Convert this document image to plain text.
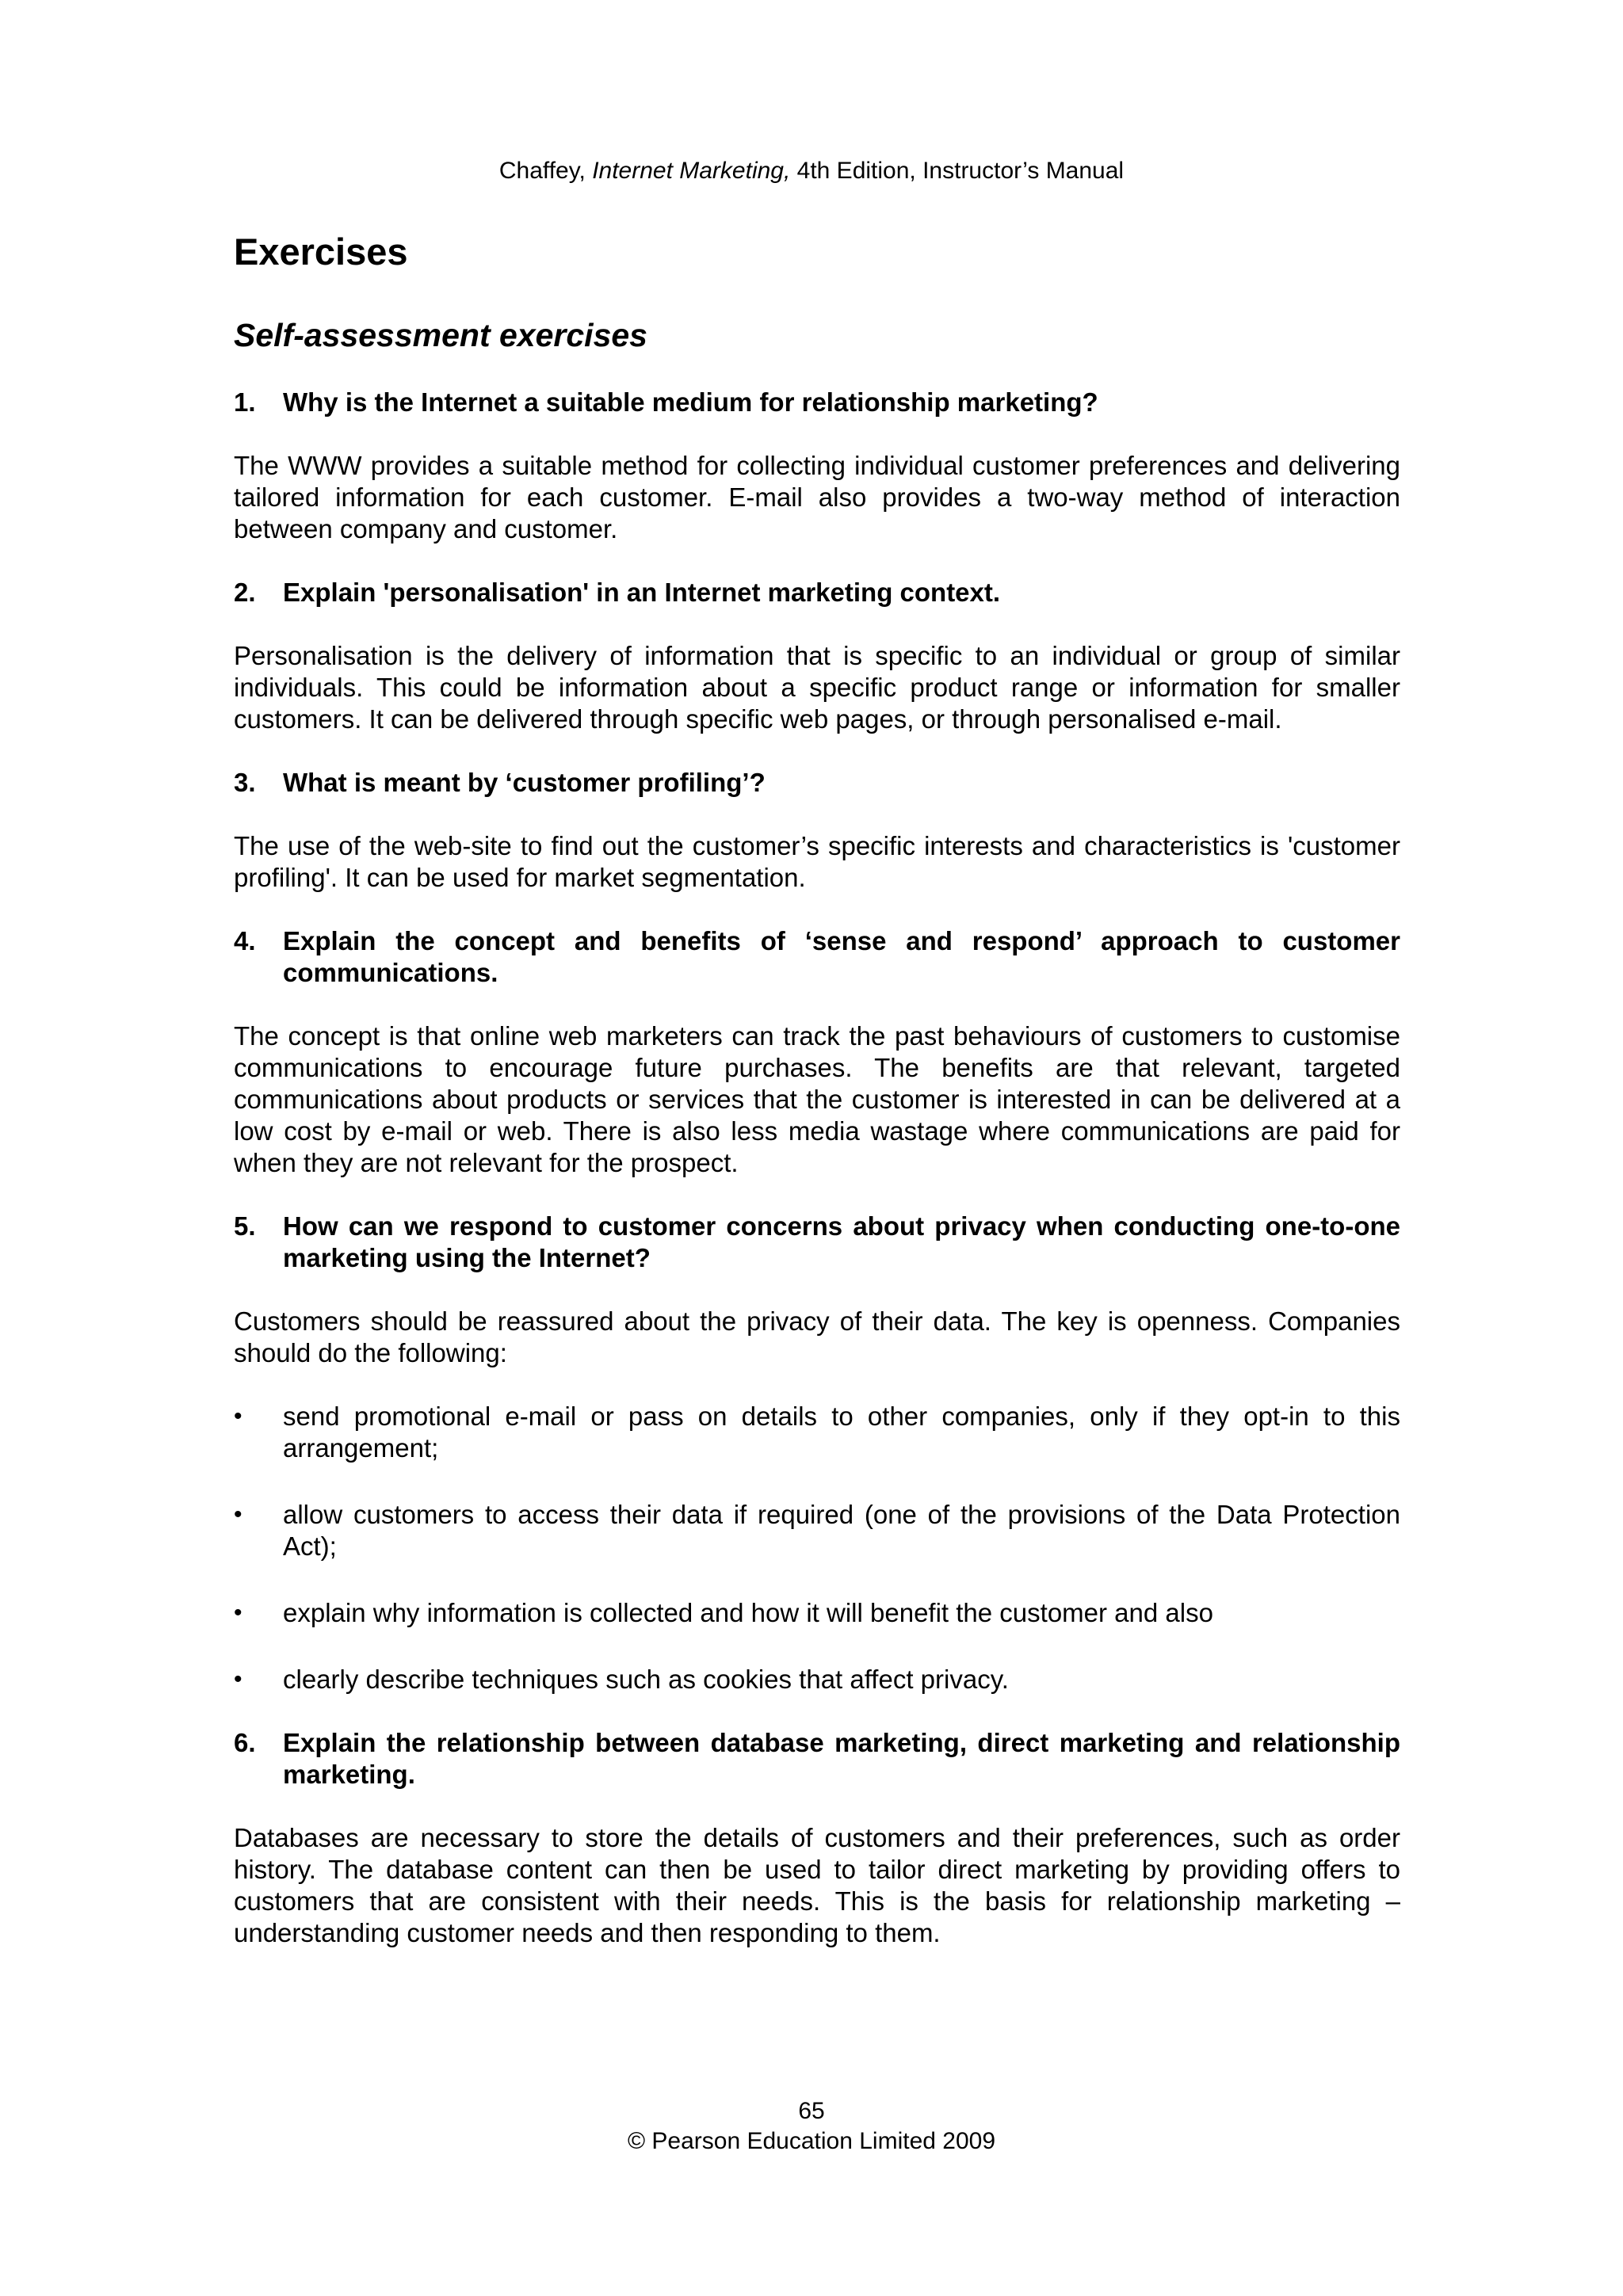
Chaffey, Internet Marketing, 4th Edition, Instructor’s Manual
Exercises
Self-assessment exercises
1.	Why is the Internet a suitable medium for relationship marketing?

The WWW provides a suitable method for collecting individual customer preferences and delivering tailored information for each customer. E-mail also provides a two-way method of interaction between company and customer.

2.	Explain 'personalisation' in an Internet marketing context.

Personalisation is the delivery of information that is specific to an individual or group of similar individuals. This could be information about a specific product range or information for smaller customers. It can be delivered through specific web pages, or through personalised e-mail.

3.	What is meant by ‘customer profiling’?

The use of the web-site to find out the customer’s specific interests and characteristics is 'customer profiling'. It can be used for market segmentation.

4.	Explain the concept and benefits of ‘sense and respond’ approach to customer communications.

The concept is that online web marketers can track the past behaviours of customers to customise communications to encourage future purchases. The benefits are that relevant, targeted communications about products or services that the customer is interested in can be delivered at a low cost by e-mail or web. There is also less media wastage where communications are paid for when they are not relevant for the prospect.

5.	How can we respond to customer concerns about privacy when conducting one-to-one marketing using the Internet?

Customers should be reassured about the privacy of their data. The key is openness. Companies should do the following:

•	send promotional e-mail or pass on details to other companies, only if they opt-in to this arrangement;
•	allow customers to access their data if required (one of the provisions of the Data Protection Act);
•	explain why information is collected and how it will benefit the customer and also
•	clearly describe techniques such as cookies that affect privacy.
6.	Explain the relationship between database marketing, direct marketing and relationship marketing.

Databases are necessary to store the details of customers and their preferences, such as order history. The database content can then be used to tailor direct marketing by providing offers to customers that are consistent with their needs. This is the basis for relationship marketing – understanding customer needs and then responding to them.

65
© Pearson Education Limited 2009
